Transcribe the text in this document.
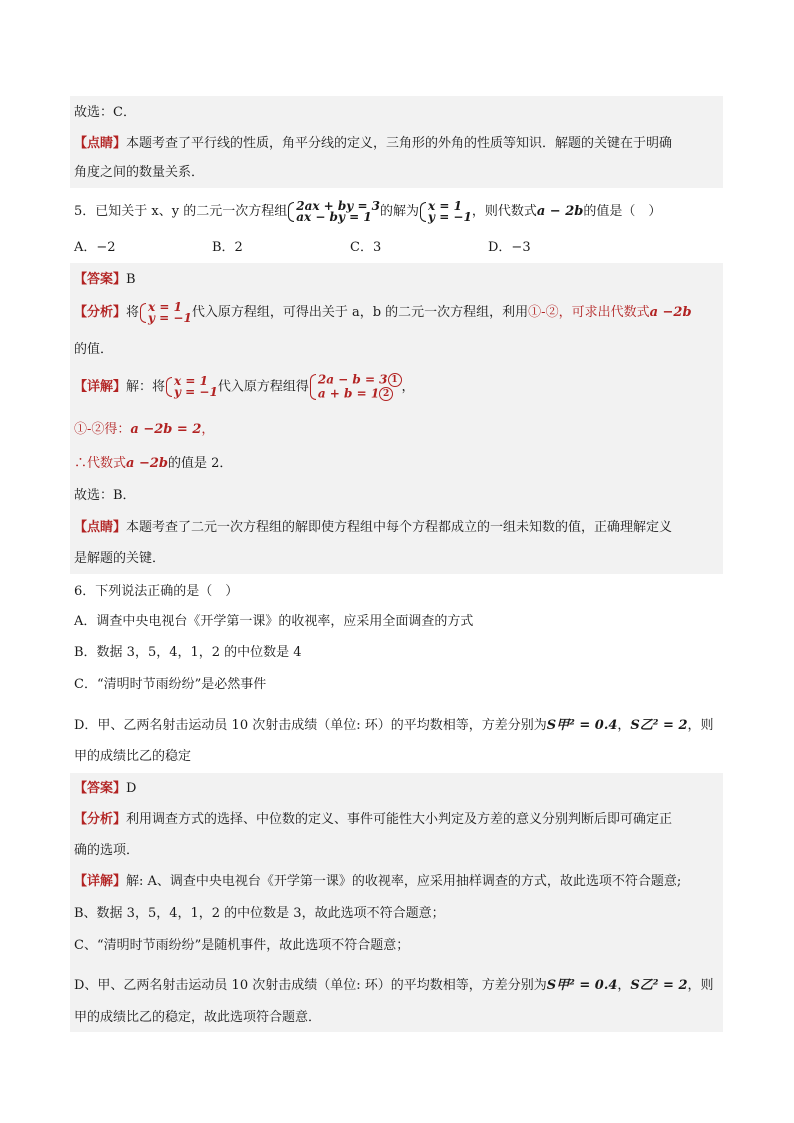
故选：C．
【点睛】本题考查了平行线的性质，角平分线的定义，三角形的外角的性质等知识．解题的关键在于明确
角度之间的数量关系．
5．已知关于 x、y 的二元一次方程组 2ax + by = 3
ax − by = 1 的解为 x = 1
y = −1 ，则代数式a − 2b的值是（　）
A．−2	B．2	C．3	D．−3
【答案】B
【分析】将 x = 1
y = −1 代入原方程组，可得出关于 a，b 的二元一次方程组，利用①-②，可求出代数式a −2b
的值．
【详解】解：将 x = 1
y = −1 代入原方程组得 2a − b = 3 1
a + b = 1 2 ，
①-②得：a −2b = 2，
∴代数式a −2b的值是 2．
故选：B．
【点睛】本题考查了二元一次方程组的解即使方程组中每个方程都成立的一组未知数的值，正确理解定义
是解题的关键．
6．下列说法正确的是（　）
A．调查中央电视台《开学第一课》的收视率，应采用全面调查的方式
B．数据 3，5，4，1，2 的中位数是 4
C．“清明时节雨纷纷”是必然事件
D．甲、乙两名射击运动员 10 次射击成绩（单位: 环）的平均数相等，方差分别为S甲² = 0.4，S乙² = 2，则
甲的成绩比乙的稳定
【答案】D
【分析】利用调查方式的选择、中位数的定义、事件可能性大小判定及方差的意义分别判断后即可确定正
确的选项．
【详解】解: A、调查中央电视台《开学第一课》的收视率，应采用抽样调查的方式，故此选项不符合题意;
B、数据 3，5，4，1，2 的中位数是 3，故此选项不符合题意；
C、“清明时节雨纷纷”是随机事件，故此选项不符合题意；
D、甲、乙两名射击运动员 10 次射击成绩（单位: 环）的平均数相等，方差分别为S甲² = 0.4，S乙² = 2，则
甲的成绩比乙的稳定，故此选项符合题意．
